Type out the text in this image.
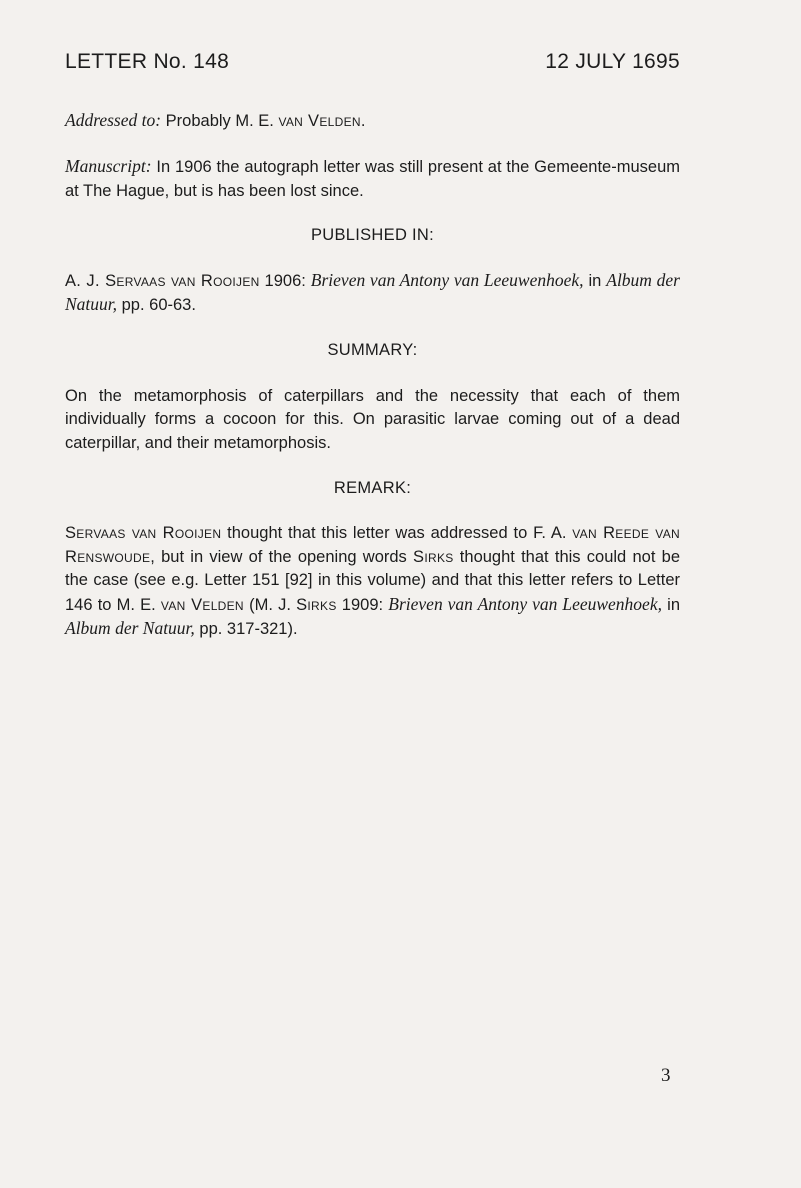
LETTER No. 148	12 JULY 1695

Addressed to: Probably M. E. van Velden.

Manuscript: In 1906 the autograph letter was still present at the Gemeente-museum at The Hague, but is has been lost since.

PUBLISHED IN:

A. J. Servaas van Rooijen 1906: Brieven van Antony van Leeuwenhoek, in Album der Natuur, pp. 60-63.

SUMMARY:

On the metamorphosis of caterpillars and the necessity that each of them individually forms a cocoon for this. On parasitic larvae coming out of a dead caterpillar, and their metamorphosis.

REMARK:

Servaas van Rooijen thought that this letter was addressed to F. A. van Reede van Renswoude, but in view of the opening words Sirks thought that this could not be the case (see e.g. Letter 151 [92] in this volume) and that this letter refers to Letter 146 to M. E. van Velden (M. J. Sirks 1909: Brieven van Antony van Leeuwenhoek, in Album der Natuur, pp. 317-321).

3
